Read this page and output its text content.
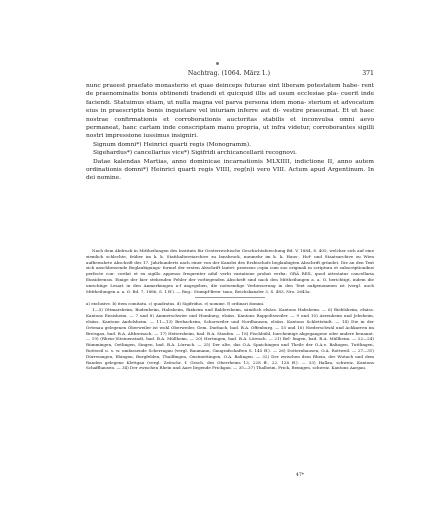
Nachtrag. (1064. März 1.)	371

nunc praeest praefato monasterio et quae deinceps futurae sint liberam potestatem habe- rent de praenominatis bonis obtinendi tradendi et quicquid illis ad usum ecclesiae pla- cuerit inde faciendi. Statuimus etiam, ut nulla magna vel parva persona idem mona- sterium et advocatum eius in praescriptis bonis inquietare vel iniuriam inferre aut di- vestire praesumat. Et ut haec nostrae confirmationis et corroborationis auctoritas stabilis et inconvulsa omni aevo permaneat, hanc cartam inde conscriptam manu propria, ut infra videtur, corroborantes sigilli nostri impressione iussimus insigniri.

Signum domni*) Heinrici quarti regis (Monogramm).

Sigehardus*) cancellarius vice*) Sigifridi archicancellarii recognovi.

Datae kalendas Martias, anno dominicae incarnationis MLXIIII, indictione II, anno autem ordinationis domni*) Heinrici quarti regis VIIII, reg(n)i vero VIII. Actum apud Argentinum. In dei nomine.

Nach dem Abdruck in Mittheilungen des Instituts für Oesterreichische Geschichtsforschung Bd. V, 1884, S. 405, welcher sich auf eine ziemlich schlechte, früher im k. k. Statthaltereiarchive zu Innsbruck, nunmehr im k. k. Haus-, Hof- und Staatsarchive zu Wien aufbewahrte Abschrift des 17. Jahrhunderts nach einer von der Kanzlei des Erzbischofs beglaubigten Abschrift gründet. Die an den Text sich anschliessende Beglaubigungs- formel der ersten Abschrift lautet: praesens copia cum suo originali in scriptura et subscriptionibus perfecte con- cordat et ex sigillo appenso frequenter nihil verbi variatione probat verba: GRÄ REX, quod attestatur cancellaria Einsideensis. Einige der hier stehenden Fehler der vorliegenden Abschrift sind nach den Mittheilungen a. a. O. berichtigt, indem die unrichtige Lesart in den Anmerkungen a-f angegeben, die notwendige Verbesserung in den Text aufgenommen ist (vergl. auch Mittheilungen a. a. O. Bd. 7, 1886, S. 1 ff.). — Reg.: Stumpf-Bren- tano, Reichskanzler 3, S. 483, Nro. 2643a.

a) exclusive. b) item comitatu. c) quadratus. d) Sigifridus. e) nomine. f) ordinari domini.

1—5) Ottmarsheim, Budenheim, Habsheim, Rixheim und Baldersheim, sämtlich elsäss. Kantons Habsheim. — 6) Bieblsheim, elsäss. Kantons Ensisheim. — 7 und 8) Ammerschwier und Homburg, elsäss. Kantons Rappoltsweiler. — 9 und 10) Arzenheim und Jebsheim, elsäss. Kantone Andolsheim. — 11—13) Brebacheim, Schorweiler und Nordhausen, elsäss. Kantons Schlettstadt. — 14) Die in der Ortenau gelegenen Oberweiler ist wohl Oberweiler, Gem. Durbach, bad. B.A. Offenburg. — 15 und 16) Niederschwäl und Achkarren im Breisgau, bad. B.A. Altbreisach. — 17) Heitersheim, bad. B.A. Staufen. — 18) Fischbühl, burcheinige abgegangene oder andere benannt. — 19) (Rhein-)Steinenstadt, bad. B.A. Müllheim. — 20) Hertingen, bad. B.A. Lörrach. — 21) Bel- lingen, bad. B.A. Müllheim. — 22—24) Rümmingen, Oetlingen, Singen, bad. B.A. Lörrach. — 25) Der alte, das O.A. Spaichingen und Theile der O.A.e. Balingen, Tuttlingen, Rottweil u. s. w. umfassende Scherragau (vergl. Baumann, Gaugrafschaften S. 145 ff.). — 26) Dotternhausen, O.A. Rottweil. — 27—31) Dürrwangen, Ebingen, Burgfelden, Thailfingen, Onstmettingen, O.A. Balingen. — 32) Der zwischen dem Rhein, der Wutach und dem Randen gelegene Klettgau (vergl. Zeitschr. f. Gesch. des Oberrheins 13, 228 ff., 22, 128 ff.). — 33) Hallau, schweiz. Kantons Schaffhausen. — 34) Der zwischen Rhein und Aare liegende Frickgau. — 35—37) Thalheim, Frick, Remigen, schweiz. Kantons Aargau.

47*
